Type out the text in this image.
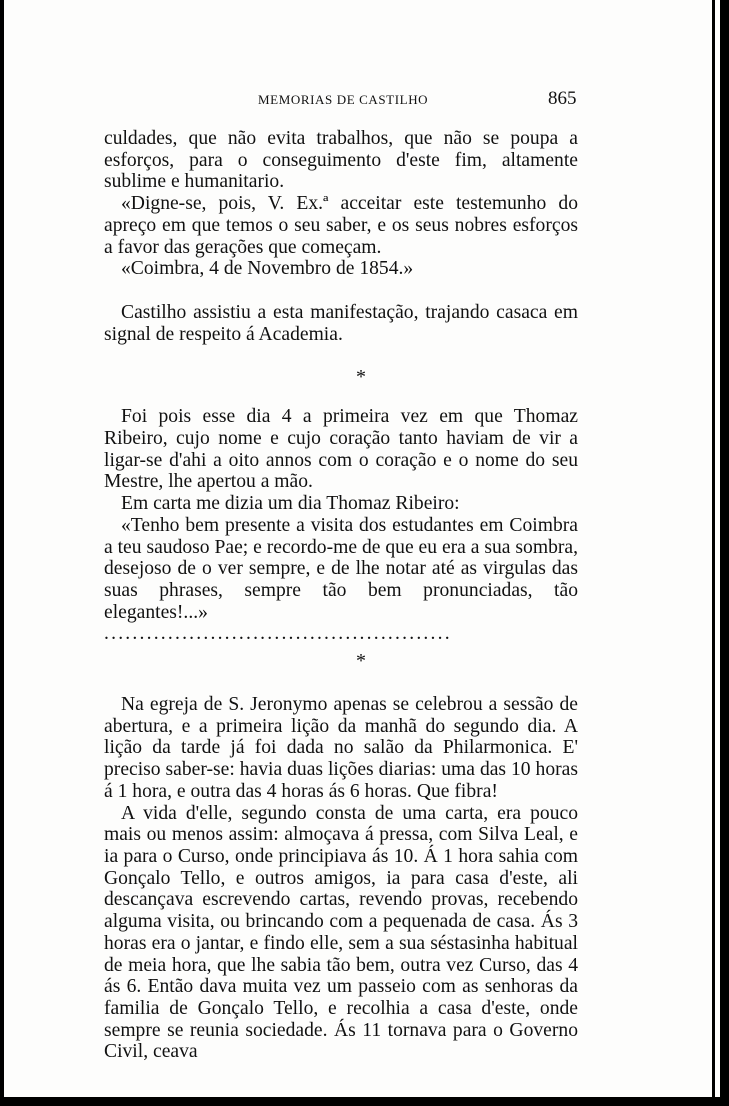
MEMORIAS DE CASTILHO	865

culdades, que não evita trabalhos, que não se poupa a esforços, para o conseguimento d'este fim, altamente sublime e humanitario.

«Digne-se, pois, V. Ex.ª acceitar este testemunho do apreço em que temos o seu saber, e os seus nobres esforços a favor das gerações que começam.

«Coimbra, 4 de Novembro de 1854.»

Castilho assistiu a esta manifestação, trajando casaca em signal de respeito á Academia.

*

Foi pois esse dia 4 a primeira vez em que Thomaz Ribeiro, cujo nome e cujo coração tanto haviam de vir a ligar-se d'ahi a oito annos com o coração e o nome do seu Mestre, lhe apertou a mão.

Em carta me dizia um dia Thomaz Ribeiro:

«Tenho bem presente a visita dos estudantes em Coimbra a teu saudoso Pae; e recordo-me de que eu era a sua sombra, desejoso de o ver sempre, e de lhe notar até as virgulas das suas phrases, sempre tão bem pronunciadas, tão elegantes!...»

.................................................

*

Na egreja de S. Jeronymo apenas se celebrou a sessão de abertura, e a primeira lição da manhã do segundo dia. A lição da tarde já foi dada no salão da Philarmonica. E' preciso saber-se: havia duas lições diarias: uma das 10 horas á 1 hora, e outra das 4 horas ás 6 horas. Que fibra!

A vida d'elle, segundo consta de uma carta, era pouco mais ou menos assim: almoçava á pressa, com Silva Leal, e ia para o Curso, onde principiava ás 10. Á 1 hora sahia com Gonçalo Tello, e outros amigos, ia para casa d'este, ali descançava escrevendo cartas, revendo provas, recebendo alguma visita, ou brincando com a pequenada de casa. Ás 3 horas era o jantar, e findo elle, sem a sua séstasinha habitual de meia hora, que lhe sabia tão bem, outra vez Curso, das 4 ás 6. Então dava muita vez um passeio com as senhoras da familia de Gonçalo Tello, e recolhia a casa d'este, onde sempre se reunia sociedade. Ás 11 tornava para o Governo Civil, ceava
